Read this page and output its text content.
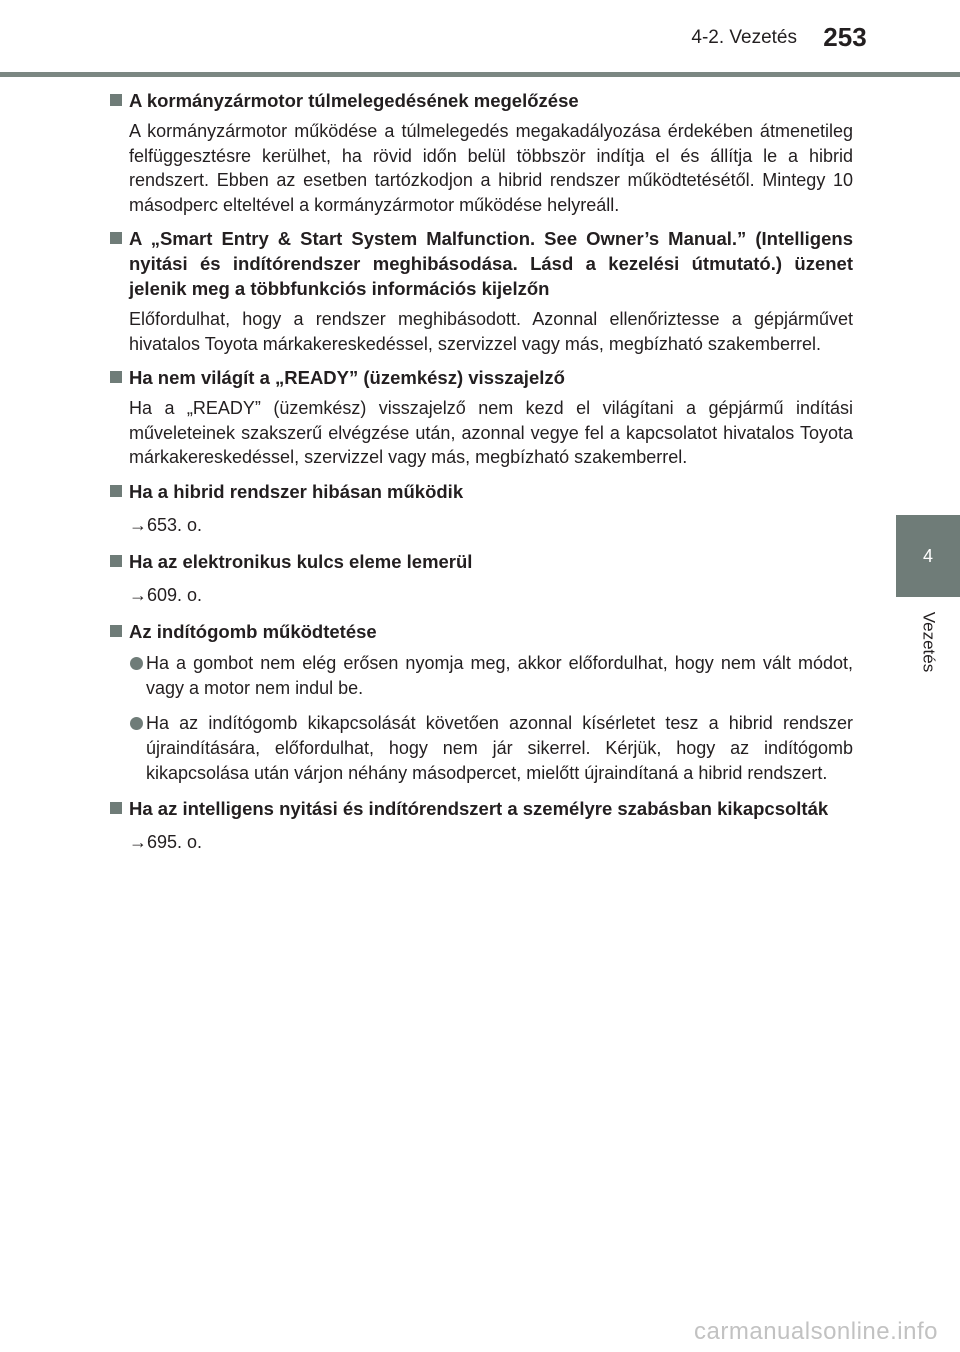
4-2. Vezetés	253
4
Vezetés
A kormányzármotor túlmelegedésének megelőzése
A kormányzármotor működése a túlmelegedés megakadályozása érdekében átmenetileg felfüggesztésre kerülhet, ha rövid időn belül többször indítja el és állítja le a hibrid rendszert. Ebben az esetben tartózkodjon a hibrid rendszer működtetésétől. Mintegy 10 másodperc elteltével a kormányzármotor működése helyreáll.
A „Smart Entry & Start System Malfunction. See Owner’s Manual.” (Intelligens nyitási és indítórendszer meghibásodása. Lásd a kezelési útmutató.) üzenet jelenik meg a többfunkciós információs kijelzőn
Előfordulhat, hogy a rendszer meghibásodott. Azonnal ellenőriztesse a gépjárművet hivatalos Toyota márkakereskedéssel, szervizzel vagy más, megbízható szakemberrel.
Ha nem világít a „READY” (üzemkész) visszajelző
Ha a „READY” (üzemkész) visszajelző nem kezd el világítani a gépjármű indítási műveleteinek szakszerű elvégzése után, azonnal vegye fel a kapcsolatot hivatalos Toyota márkakereskedéssel, szervizzel vagy más, megbízható szakemberrel.
Ha a hibrid rendszer hibásan működik
→653. o.
Ha az elektronikus kulcs eleme lemerül
→609. o.
Az indítógomb működtetése
Ha a gombot nem elég erősen nyomja meg, akkor előfordulhat, hogy nem vált módot, vagy a motor nem indul be.
Ha az indítógomb kikapcsolását követően azonnal kísérletet tesz a hibrid rendszer újraindítására, előfordulhat, hogy nem jár sikerrel. Kérjük, hogy az indítógomb kikapcsolása után várjon néhány másodpercet, mielőtt újraindítaná a hibrid rendszert.
Ha az intelligens nyitási és indítórendszert a személyre szabásban kikapcsolták
→695. o.
carmanualsonline.info
